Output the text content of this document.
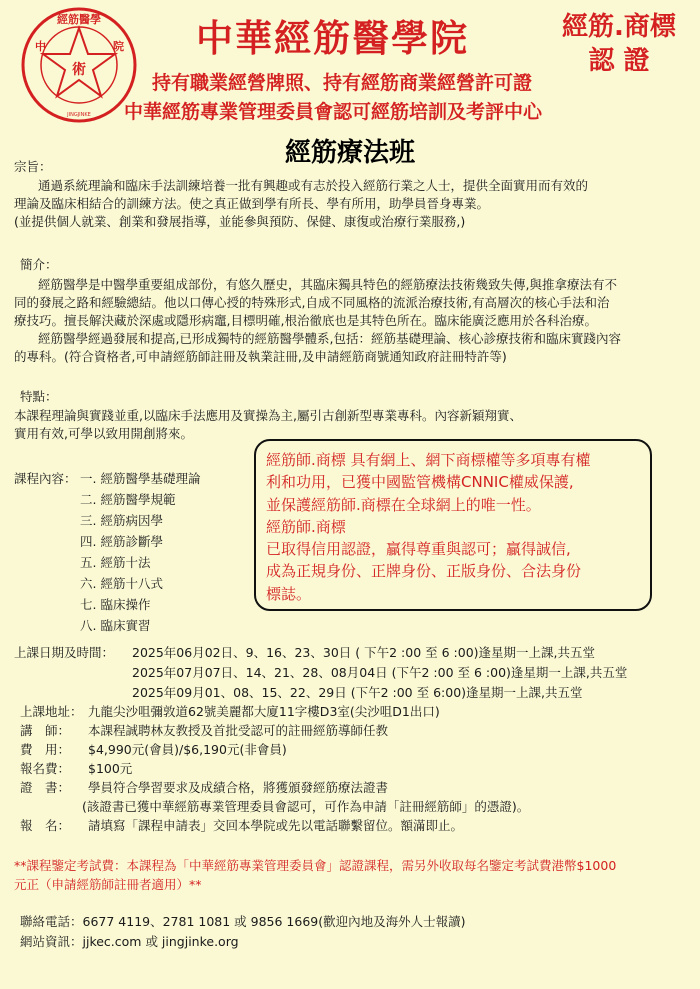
術
經筋醫學
中	院
JINGJINKE
中華經筋醫學院	經筋.商標
認 證
持有職業經營牌照、持有經筋商業經營許可證
中華經筋專業管理委員會認可經筋培訓及考評中心
經筋療法班
宗旨：
通過系統理論和臨床手法訓練培養一批有興趣或有志於投入經筋行業之人士，提供全面實用而有效的
理論及臨床相結合的訓練方法。使之真正做到學有所長、學有所用，助學員晉身專業。
(並提供個人就業、創業和發展指導，並能參與預防、保健、康復或治療行業服務,)
簡介：
經筋醫學是中醫學重要組成部份，有悠久歷史，其臨床獨具特色的經筋療法技術幾致失傳,與推拿療法有不
同的發展之路和經驗總結。他以口傳心授的特殊形式,自成不同風格的流派治療技術,有高層次的核心手法和治
療技巧。擅長解決藏於深處或隱形病竈,目標明確,根治徹底也是其特色所在。臨床能廣泛應用於各科治療。
經筋醫學經過發展和提高,已形成獨特的經筋醫學體系,包括：經筋基礎理論、核心診療技術和臨床實踐內容
的專科。(符合資格者,可申請經筋師註冊及執業註冊,及申請經筋商號通知政府註冊特許等)
特點：
本課程理論與實踐並重,以臨床手法應用及實操為主,屬引古創新型專業專科。內容新穎翔實、
實用有效,可學以致用開創將來。
課程內容： 一. 經筋醫學基礎理論
二. 經筋醫學規範
三. 經筋病因學
四. 經筋診斷學
五. 經筋十法
六. 經筋十八式
七. 臨床操作
八. 臨床實習
經筋師.商標 具有網上、網下商標權等多項專有權
利和功用，已獲中國監管機構CNNIC權威保護,
並保護經筋師.商標在全球網上的唯一性。
經筋師.商標
已取得信用認證，贏得尊重與認可；贏得誠信,
成為正規身份、正牌身份、正版身份、合法身份
標誌。
上課日期及時間： 2025年06月02日、9、16、23、30日 ( 下午2 :00 至 6 :00)逢星期一上課,共五堂
2025年07月07日、14、21、28、08月04日 (下午2 :00 至 6 :00)逢星期一上課,共五堂
2025年09月01、08、15、22、29日 (下午2 :00 至 6:00)逢星期一上課,共五堂
上課地址： 九龍尖沙咀彌敦道62號美麗都大廈11字樓D3室(尖沙咀D1出口)
講　師： 本課程誠聘林友教授及首批受認可的註冊經筋導師任教
費　用： $4,990元(會員)/$6,190元(非會員)
報名費： $100元
證　書： 學員符合學習要求及成績合格，將獲頒發經筋療法證書
(該證書已獲中華經筋專業管理委員會認可，可作為申請「註冊經筋師」的憑證)。
報　名： 請填寫「課程申請表」交回本學院或先以電話聯繫留位。額滿即止。
**課程鑒定考試費：本課程為「中華經筋專業管理委員會」認證課程，需另外收取每名鑒定考試費港幣$1000
元正（申請經筋師註冊者適用）**
聯絡電話：6677 4119、2781 1081 或 9856 1669(歡迎內地及海外人士報讀)
網站資訊：jjkec.com 或 jingjinke.org
